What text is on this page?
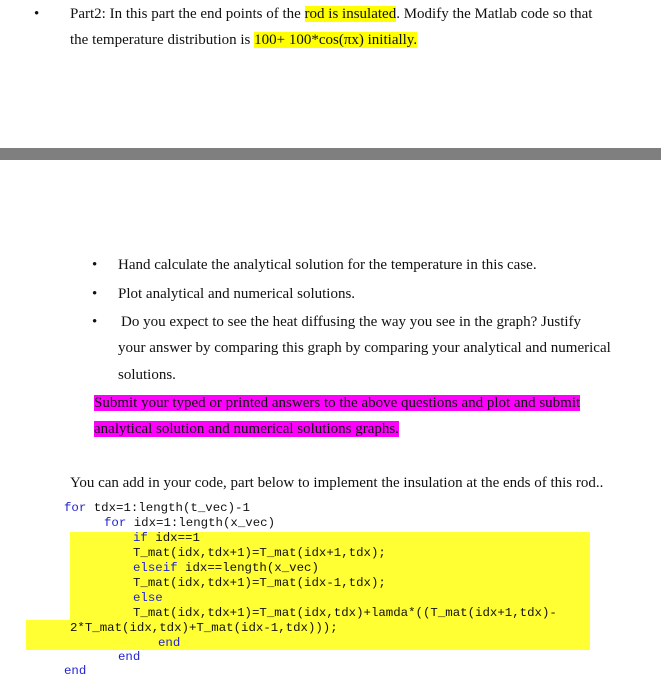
• Part2: In this part the end points of the rod is insulated. Modify the Matlab code so that
the temperature distribution is 100+ 100*cos(πx) initially.
• Hand calculate the analytical solution for the temperature in this case.
• Plot analytical and numerical solutions.
• Do you expect to see the heat diffusing the way you see in the graph? Justify
your answer by comparing this graph by comparing your analytical and numerical
solutions.
Submit your typed or printed answers to the above questions and plot and submit
analytical solution and numerical solutions graphs.
You can add in your code, part below to implement the insulation at the ends of this rod..
for tdx=1:length(t_vec)-1
for idx=1:length(x_vec)
if idx==1
T_mat(idx,tdx+1)=T_mat(idx+1,tdx);
elseif idx==length(x_vec)
T_mat(idx,tdx+1)=T_mat(idx-1,tdx);
else
T_mat(idx,tdx+1)=T_mat(idx,tdx)+lamda*((T_mat(idx+1,tdx)-
2*T_mat(idx,tdx)+T_mat(idx-1,tdx)));
end
end
end
